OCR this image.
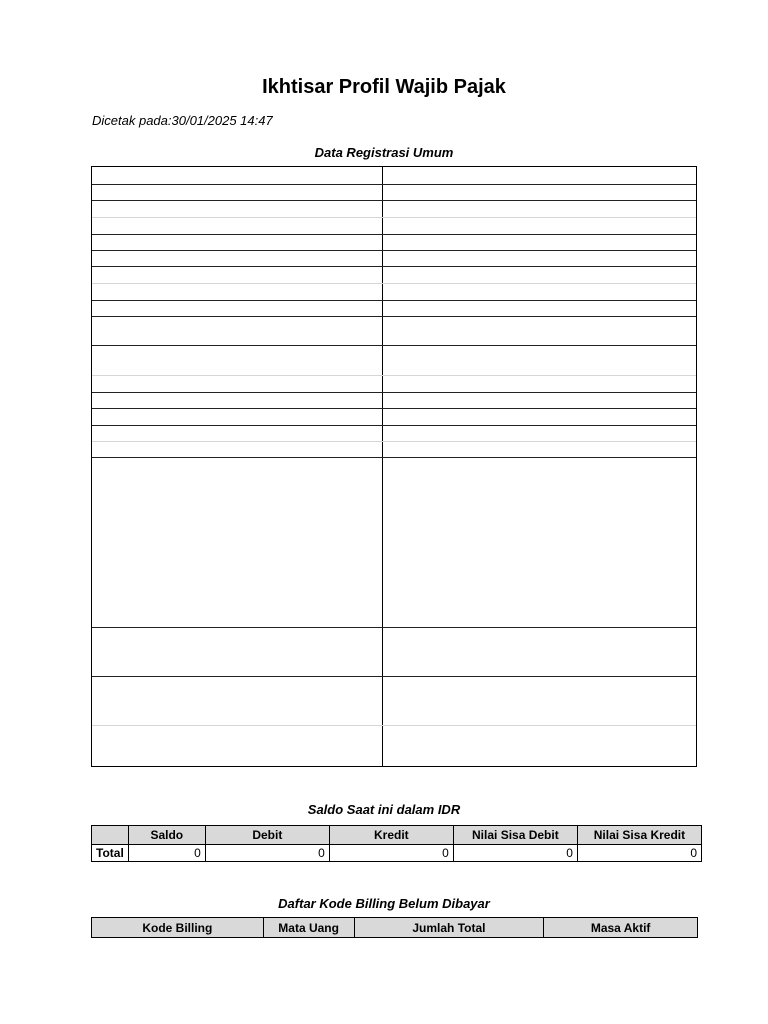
Ikhtisar Profil Wajib Pajak
Dicetak pada:30/01/2025 14:47
Data Registrasi Umum
Saldo Saat ini dalam IDR
	Saldo	Debit	Kredit	Nilai Sisa Debit	Nilai Sisa Kredit
Total	0	0	0	0	0
Daftar Kode Billing Belum Dibayar
Kode Billing	Mata Uang	Jumlah Total	Masa Aktif
